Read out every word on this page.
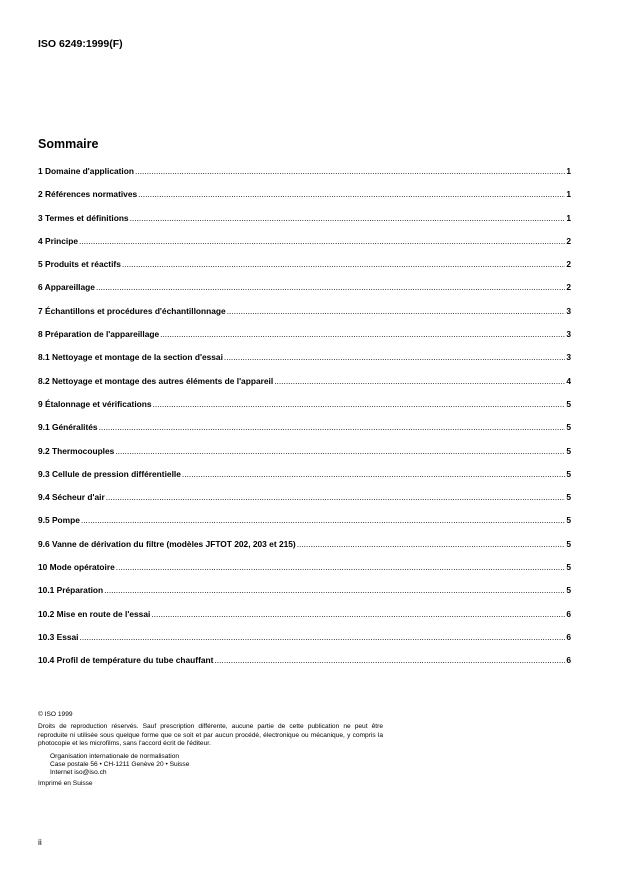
ISO 6249:1999(F)
Sommaire
1 Domaine d'application .....	1
2 Références normatives .....	1
3 Termes et définitions .....	1
4 Principe .....	2
5 Produits et réactifs .....	2
6 Appareillage .....	2
7 Échantillons et procédures d'échantillonnage .....	3
8 Préparation de l'appareillage .....	3
8.1 Nettoyage et montage de la section d'essai .....	3
8.2 Nettoyage et montage des autres éléments de l'appareil .....	4
9 Étalonnage et vérifications .....	5
9.1 Généralités .....	5
9.2 Thermocouples .....	5
9.3 Cellule de pression différentielle .....	5
9.4 Sécheur d'air .....	5
9.5 Pompe .....	5
9.6 Vanne de dérivation du filtre (modèles JFTOT 202, 203 et 215) .....	5
10 Mode opératoire .....	5
10.1 Préparation .....	5
10.2 Mise en route de l'essai .....	6
10.3 Essai .....	6
10.4 Profil de température du tube chauffant .....	6
© ISO 1999
Droits de reproduction réservés. Sauf prescription différente, aucune partie de cette publication ne peut être reproduite ni utilisée sous quelque forme que ce soit et par aucun procédé, électronique ou mécanique, y compris la photocopie et les microfilms, sans l'accord écrit de l'éditeur.
Organisation internationale de normalisation
Case postale 56 • CH-1211 Genève 20 • Suisse
Internet iso@iso.ch
Imprimé en Suisse
ii
